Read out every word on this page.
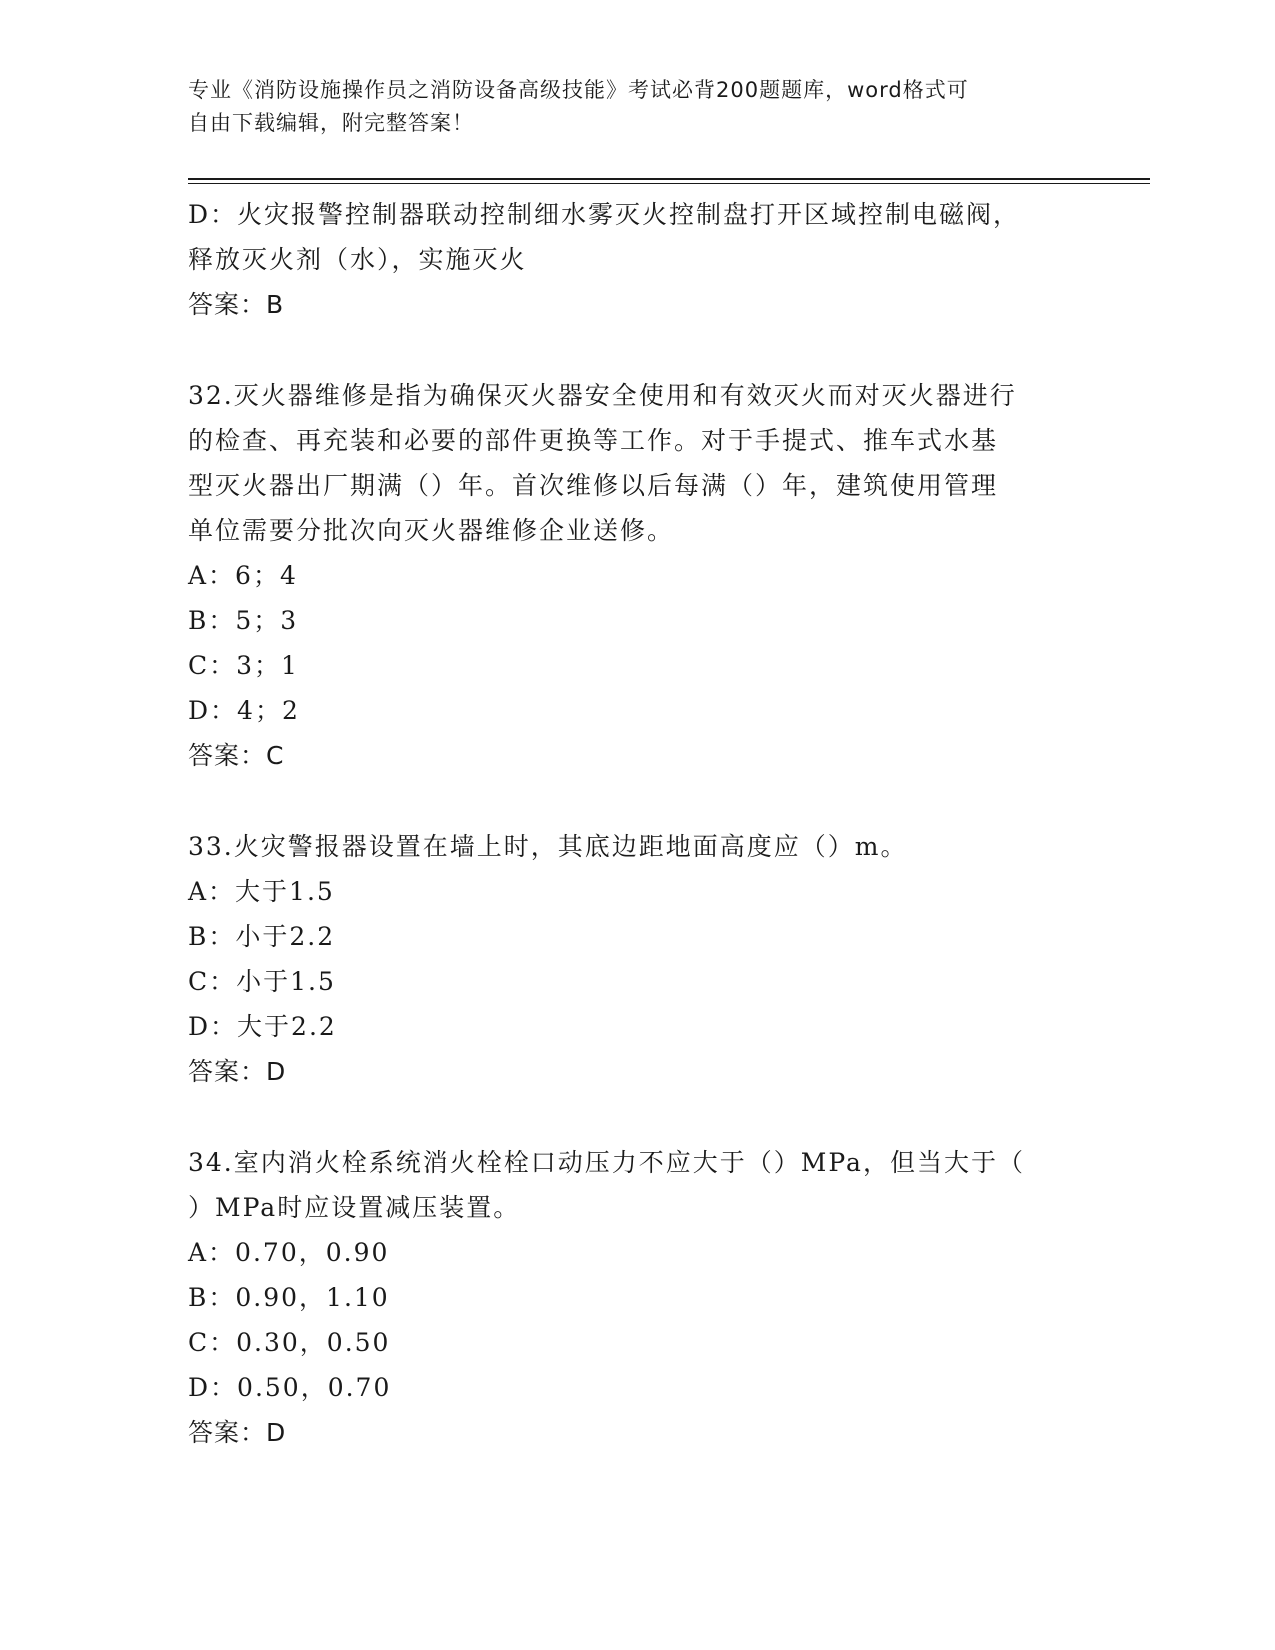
专业《消防设施操作员之消防设备高级技能》考试必背200题题库，word格式可
自由下载编辑，附完整答案！
D：火灾报警控制器联动控制细水雾灭火控制盘打开区域控制电磁阀，
释放灭火剂（水），实施灭火
答案：B
32.灭火器维修是指为确保灭火器安全使用和有效灭火而对灭火器进行
的检查、再充装和必要的部件更换等工作。对于手提式、推车式水基
型灭火器出厂期满（）年。首次维修以后每满（）年，建筑使用管理
单位需要分批次向灭火器维修企业送修。
A：6；4
B：5；3
C：3；1
D：4；2
答案：C
33.火灾警报器设置在墙上时，其底边距地面高度应（）m。
A：大于1.5
B：小于2.2
C：小于1.5
D：大于2.2
答案：D
34.室内消火栓系统消火栓栓口动压力不应大于（）MPa，但当大于（
）MPa时应设置减压装置。
A：0.70，0.90
B：0.90，1.10
C：0.30，0.50
D：0.50，0.70
答案：D
